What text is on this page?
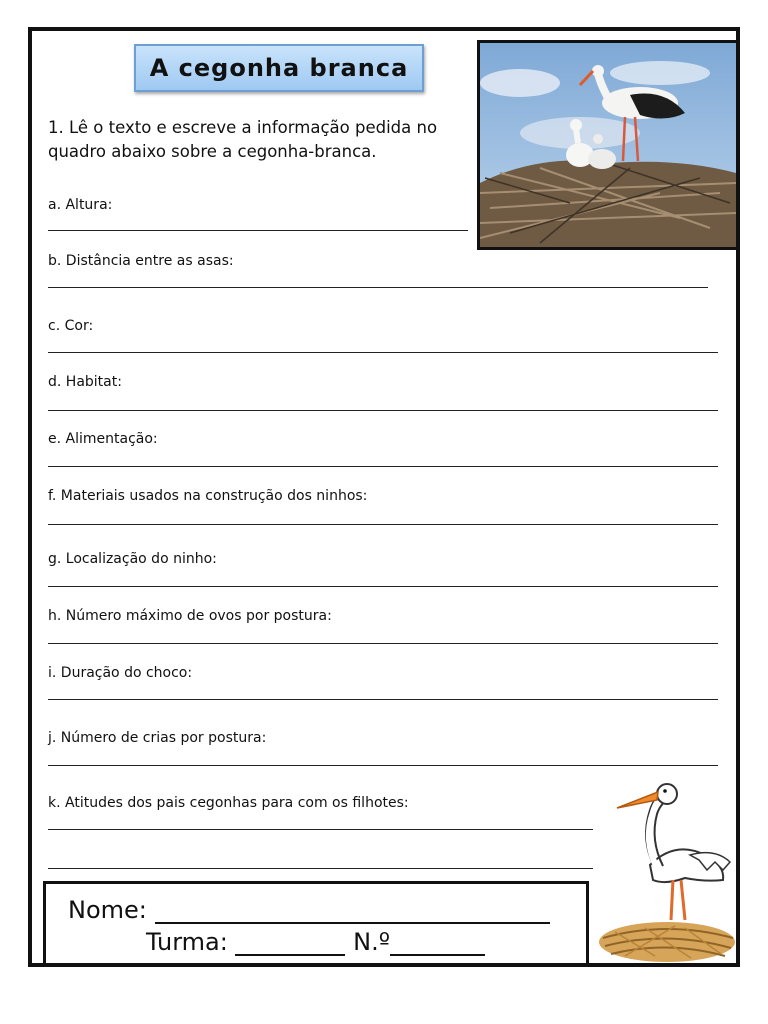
A cegonha branca
1. Lê o texto e escreve a informação pedida no quadro abaixo sobre a cegonha-branca.
a. Altura:
b. Distância entre as asas:
c. Cor:
d. Habitat:
e. Alimentação:
f. Materiais usados na construção dos ninhos:
g. Localização do ninho:
h. Número máximo de ovos por postura:
i. Duração do choco:
j. Número de crias por postura:
k. Atitudes dos pais cegonhas para com os filhotes:
Nome:
Turma:	N.º
